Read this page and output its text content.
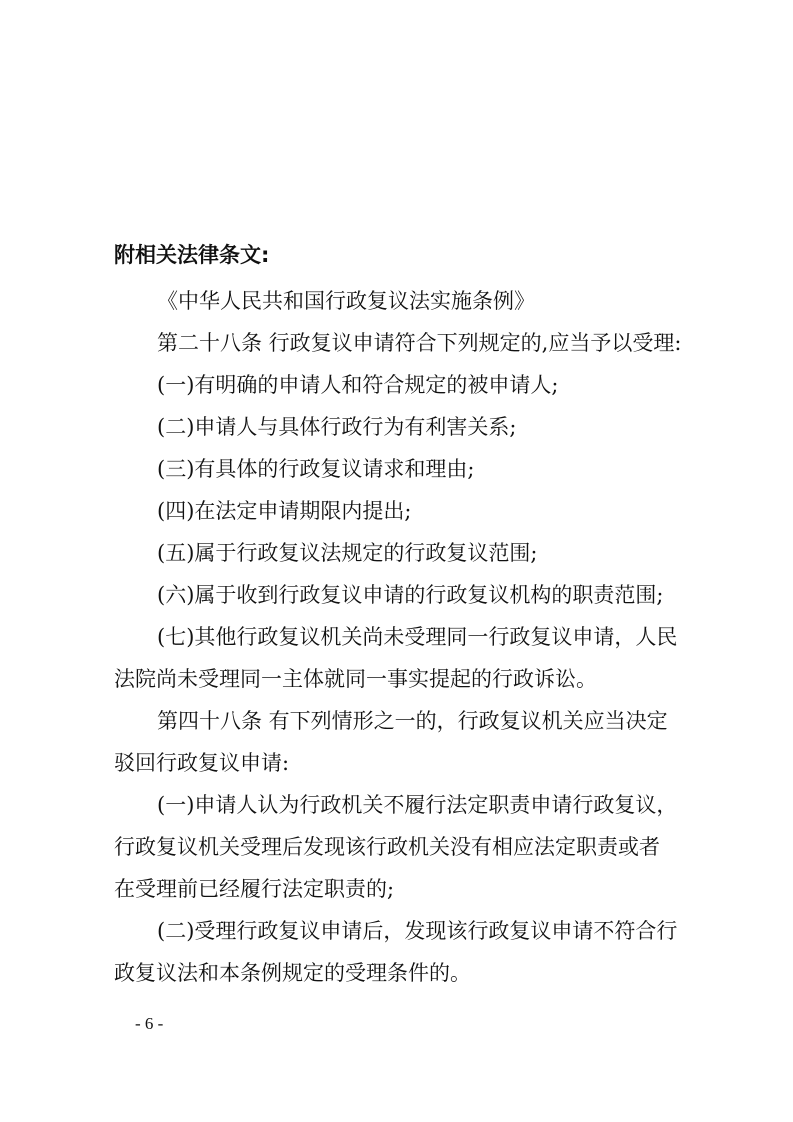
附相关法律条文:
《中华人民共和国行政复议法实施条例》
第二十八条 行政复议申请符合下列规定的,应当予以受理:
(一)有明确的申请人和符合规定的被申请人;
(二)申请人与具体行政行为有利害关系;
(三)有具体的行政复议请求和理由;
(四)在法定申请期限内提出;
(五)属于行政复议法规定的行政复议范围;
(六)属于收到行政复议申请的行政复议机构的职责范围;
(七)其他行政复议机关尚未受理同一行政复议申请，人民
法院尚未受理同一主体就同一事实提起的行政诉讼。
第四十八条 有下列情形之一的，行政复议机关应当决定
驳回行政复议申请:
(一)申请人认为行政机关不履行法定职责申请行政复议，
行政复议机关受理后发现该行政机关没有相应法定职责或者
在受理前已经履行法定职责的;
(二)受理行政复议申请后，发现该行政复议申请不符合行
政复议法和本条例规定的受理条件的。
- 6 -
